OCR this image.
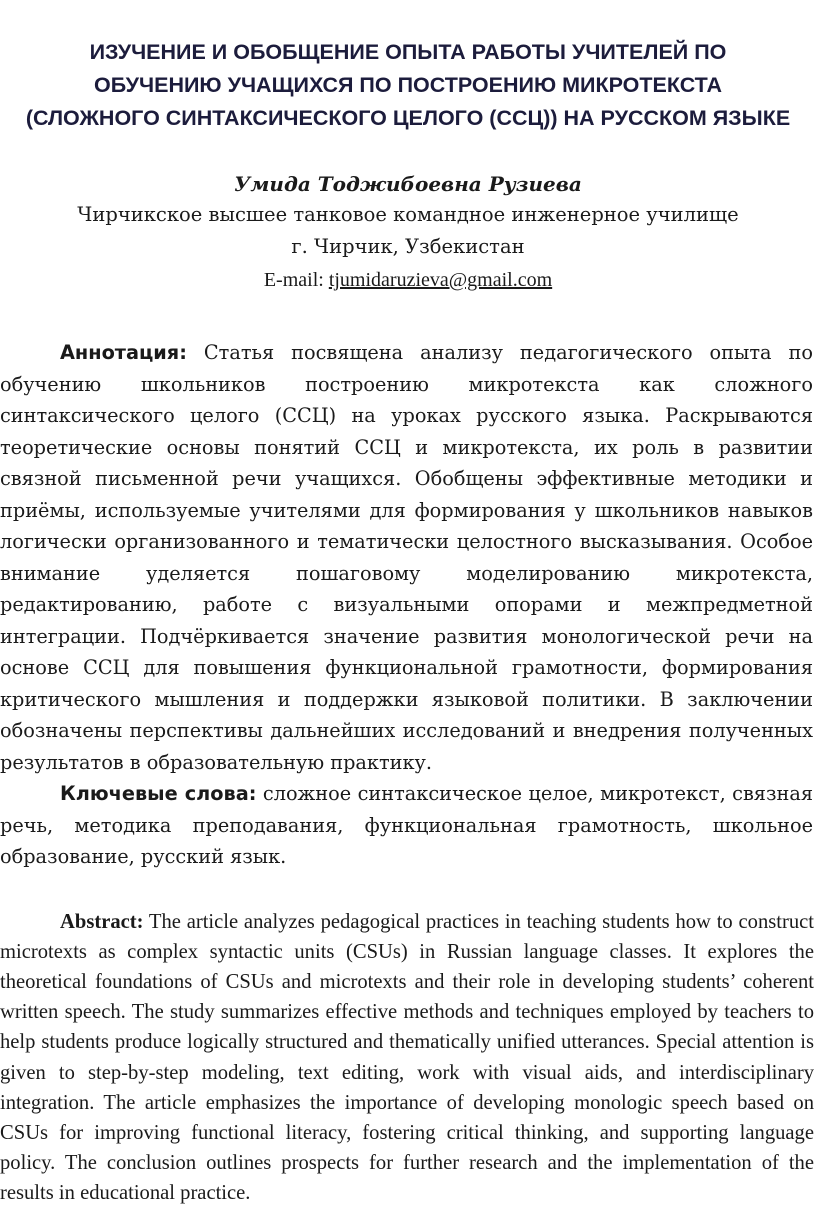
ИЗУЧЕНИЕ И ОБОБЩЕНИЕ ОПЫТА РАБОТЫ УЧИТЕЛЕЙ ПО
ОБУЧЕНИЮ УЧАЩИХСЯ ПО ПОСТРОЕНИЮ МИКРОТЕКСТА
(СЛОЖНОГО СИНТАКСИЧЕСКОГО ЦЕЛОГО (ССЦ)) НА РУССКОМ ЯЗЫКЕ

Умида Тоджибоевна Рузиева

Чирчикское высшее танковое командное инженерное училище

г. Чирчик, Узбекистан

E-mail: tjumidaruzieva@gmail.com

Аннотация: Статья посвящена анализу педагогического опыта по обучению школьников построению микротекста как сложного синтаксического целого (ССЦ) на уроках русского языка. Раскрываются теоретические основы понятий ССЦ и микротекста, их роль в развитии связной письменной речи учащихся. Обобщены эффективные методики и приёмы, используемые учителями для формирования у школьников навыков логически организованного и тематически целостного высказывания. Особое внимание уделяется пошаговому моделированию микротекста, редактированию, работе с визуальными опорами и межпредметной интеграции. Подчёркивается значение развития монологической речи на основе ССЦ для повышения функциональной грамотности, формирования критического мышления и поддержки языковой политики. В заключении обозначены перспективы дальнейших исследований и внедрения полученных результатов в образовательную практику.

Ключевые слова: сложное синтаксическое целое, микротекст, связная речь, методика преподавания, функциональная грамотность, школьное образование, русский язык.

Abstract: The article analyzes pedagogical practices in teaching students how to construct microtexts as complex syntactic units (CSUs) in Russian language classes. It explores the theoretical foundations of CSUs and microtexts and their role in developing students’ coherent written speech. The study summarizes effective methods and techniques employed by teachers to help students produce logically structured and thematically unified utterances. Special attention is given to step-by-step modeling, text editing, work with visual aids, and interdisciplinary integration. The article emphasizes the importance of developing monologic speech based on CSUs for improving functional literacy, fostering critical thinking, and supporting language policy. The conclusion outlines prospects for further research and the implementation of the results in educational practice.
